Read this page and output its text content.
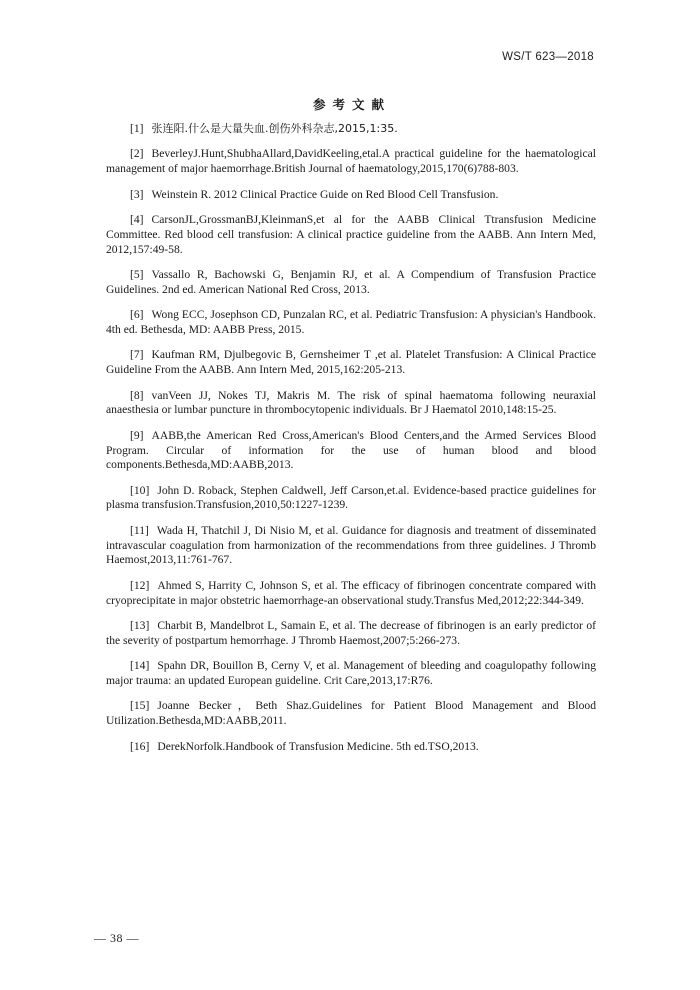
WS/T 623—2018
参考文献
[1] 张连阳.什么是大量失血.创伤外科杂志,2015,1:35.
[2] BeverleyJ.Hunt,ShubhaAllard,DavidKeeling,etal.A practical guideline for the haematological management of major haemorrhage.British Journal of haematology,2015,170(6)788-803.
[3] Weinstein R. 2012 Clinical Practice Guide on Red Blood Cell Transfusion.
[4] CarsonJL,GrossmanBJ,KleinmanS,et al for the AABB Clinical Ttransfusion Medicine Committee. Red blood cell transfusion: A clinical practice guideline from the AABB. Ann Intern Med, 2012,157:49-58.
[5] Vassallo R, Bachowski G, Benjamin RJ, et al. A Compendium of Transfusion Practice Guidelines. 2nd ed. American National Red Cross, 2013.
[6] Wong ECC, Josephson CD, Punzalan RC, et al. Pediatric Transfusion: A physician's Handbook. 4th ed. Bethesda, MD: AABB Press, 2015.
[7] Kaufman RM, Djulbegovic B, Gernsheimer T ,et al. Platelet Transfusion: A Clinical Practice Guideline From the AABB. Ann Intern Med, 2015,162:205-213.
[8] vanVeen JJ, Nokes TJ, Makris M. The risk of spinal haematoma following neuraxial anaesthesia or lumbar puncture in thrombocytopenic individuals. Br J Haematol 2010,148:15-25.
[9] AABB,the American Red Cross,American's Blood Centers,and the Armed Services Blood Program. Circular of information for the use of human blood and blood components.Bethesda,MD:AABB,2013.
[10] John D. Roback, Stephen Caldwell, Jeff Carson,et.al. Evidence-based practice guidelines for plasma transfusion.Transfusion,2010,50:1227-1239.
[11] Wada H, Thatchil J, Di Nisio M, et al. Guidance for diagnosis and treatment of disseminated intravascular coagulation from harmonization of the recommendations from three guidelines. J Thromb Haemost,2013,11:761-767.
[12] Ahmed S, Harrity C, Johnson S, et al. The efficacy of fibrinogen concentrate compared with cryoprecipitate in major obstetric haemorrhage-an observational study.Transfus Med,2012;22:344-349.
[13] Charbit B, Mandelbrot L, Samain E, et al. The decrease of fibrinogen is an early predictor of the severity of postpartum hemorrhage. J Thromb Haemost,2007;5:266-273.
[14] Spahn DR, Bouillon B, Cerny V, et al. Management of bleeding and coagulopathy following major trauma: an updated European guideline. Crit Care,2013,17:R76.
[15] Joanne Becker，Beth Shaz.Guidelines for Patient Blood Management and Blood Utilization.Bethesda,MD:AABB,2011.
[16] DerekNorfolk.Handbook of Transfusion Medicine. 5th ed.TSO,2013.
— 38 —
